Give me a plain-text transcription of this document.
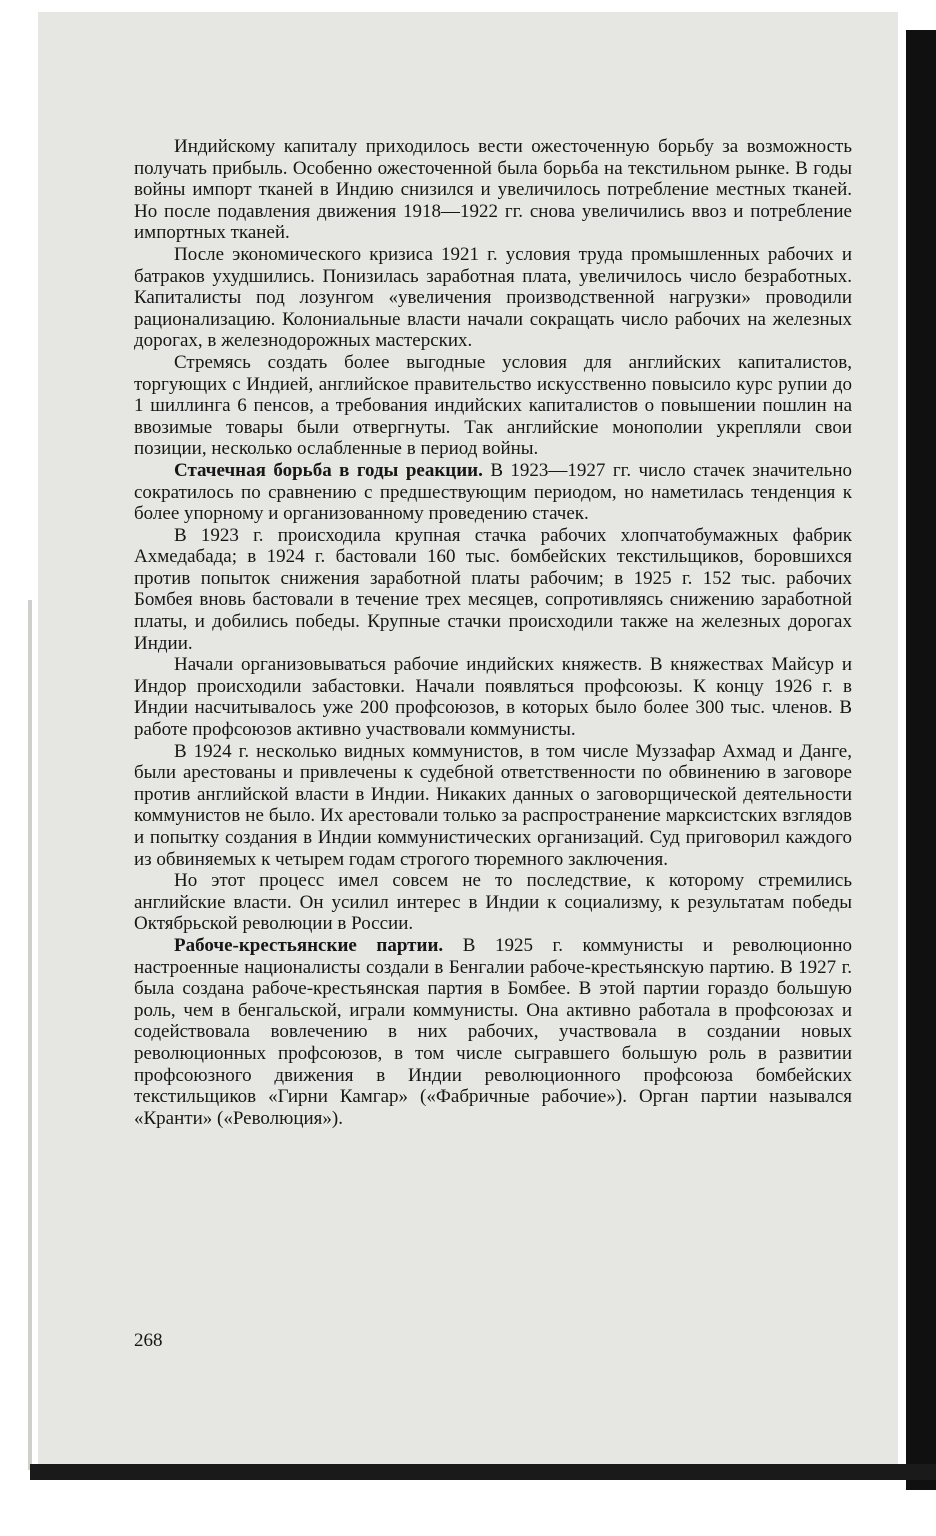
Индийскому капиталу приходилось вести ожесточенную борьбу за возможность получать прибыль. Особенно ожесточенной была борьба на текстильном рынке. В годы войны импорт тканей в Индию снизился и увеличилось потребление местных тканей. Но после подавления движения 1918—1922 гг. снова увеличились ввоз и потребление импортных тканей.

После экономического кризиса 1921 г. условия труда промышленных рабочих и батраков ухудшились. Понизилась заработная плата, увеличилось число безработных. Капиталисты под лозунгом «увеличения производственной нагрузки» проводили рационализацию. Колониальные власти начали сокращать число рабочих на железных дорогах, в железнодорожных мастерских.

Стремясь создать более выгодные условия для английских капиталистов, торгующих с Индией, английское правительство искусственно повысило курс рупии до 1 шиллинга 6 пенсов, а требования индийских капиталистов о повышении пошлин на ввозимые товары были отвергнуты. Так английские монополии укрепляли свои позиции, несколько ослабленные в период войны.

Стачечная борьба в годы реакции. В 1923—1927 гг. число стачек значительно сократилось по сравнению с предшествующим периодом, но наметилась тенденция к более упорному и организованному проведению стачек.

В 1923 г. происходила крупная стачка рабочих хлопчатобумажных фабрик Ахмедабада; в 1924 г. бастовали 160 тыс. бомбейских текстильщиков, боровшихся против попыток снижения заработной платы рабочим; в 1925 г. 152 тыс. рабочих Бомбея вновь бастовали в течение трех месяцев, сопротивляясь снижению заработной платы, и добились победы. Крупные стачки происходили также на железных дорогах Индии.

Начали организовываться рабочие индийских княжеств. В княжествах Майсур и Индор происходили забастовки. Начали появляться профсоюзы. К концу 1926 г. в Индии насчитывалось уже 200 профсоюзов, в которых было более 300 тыс. членов. В работе профсоюзов активно участвовали коммунисты.

В 1924 г. несколько видных коммунистов, в том числе Муззафар Ахмад и Данге, были арестованы и привлечены к судебной ответственности по обвинению в заговоре против английской власти в Индии. Никаких данных о заговорщической деятельности коммунистов не было. Их арестовали только за распространение марксистских взглядов и попытку создания в Индии коммунистических организаций. Суд приговорил каждого из обвиняемых к четырем годам строгого тюремного заключения.

Но этот процесс имел совсем не то последствие, к которому стремились английские власти. Он усилил интерес в Индии к социализму, к результатам победы Октябрьской революции в России.

Рабоче-крестьянские партии. В 1925 г. коммунисты и революционно настроенные националисты создали в Бенгалии рабоче-крестьянскую партию. В 1927 г. была создана рабоче-крестьянская партия в Бомбее. В этой партии гораздо большую роль, чем в бенгальской, играли коммунисты. Она активно работала в профсоюзах и содействовала вовлечению в них рабочих, участвовала в создании новых революционных профсоюзов, в том числе сыгравшего большую роль в развитии профсоюзного движения в Индии революционного профсоюза бомбейских текстильщиков «Гирни Камгар» («Фабричные рабочие»). Орган партии назывался «Кранти» («Революция»).

268
